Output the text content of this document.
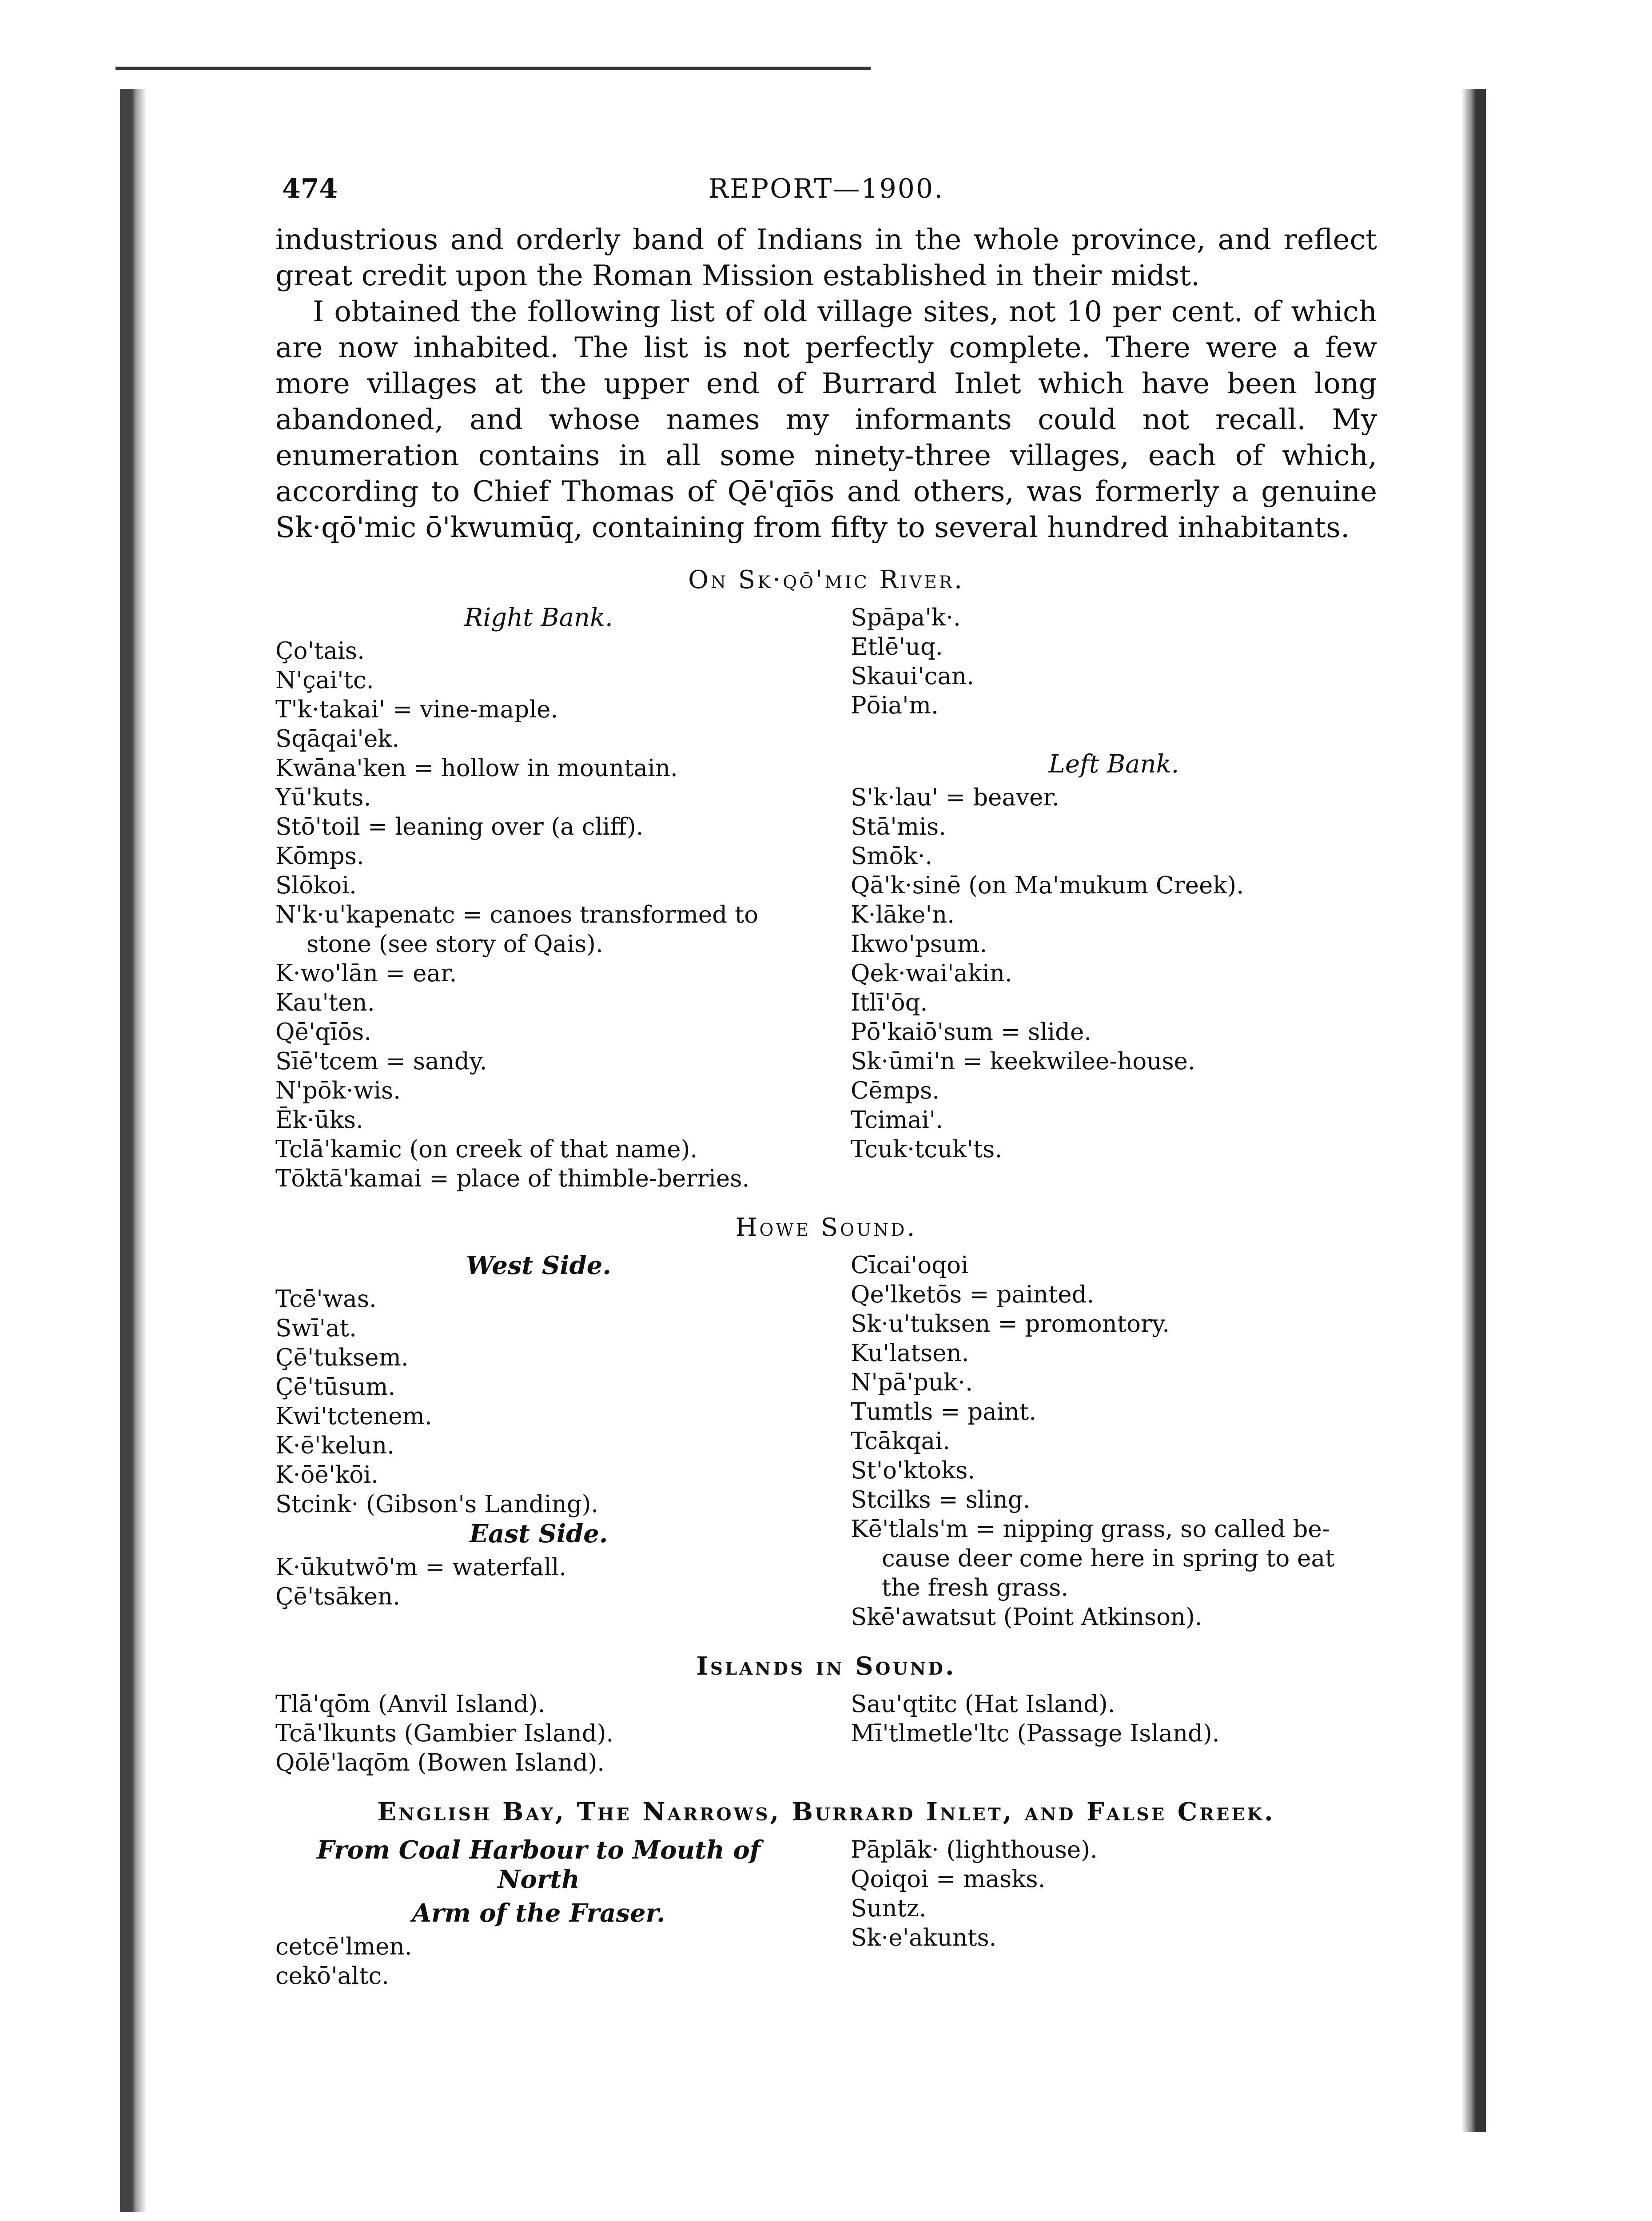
REPORT—1900.
474

industrious and orderly band of Indians in the whole province, and reflect great credit upon the Roman Mission established in their midst.

I obtained the following list of old village sites, not 10 per cent. of which are now inhabited. The list is not perfectly complete. There were a few more villages at the upper end of Burrard Inlet which have been long abandoned, and whose names my informants could not recall. My enumeration contains in all some ninety-three villages, each of which, according to Chief Thomas of Qē'qīōs and others, was formerly a genuine Sk·qō'mic ō'kwumūq, containing from fifty to several hundred inhabitants.

On Sk·qō'mic River.
Right Bank.
Ço'tais.
N'çai'tc.
T'k·takai' = vine-maple.
Sqāqai'ek.
Kwāna'ken = hollow in mountain.
Yū'kuts.
Stō'toil = leaning over (a cliff).
Kōmps.
Slōkoi.
N'k·u'kapenatc = canoes transformed to
stone (see story of Qais).
K·wo'lān = ear.
Kau'ten.
Qē'qīōs.
Sīē'tcem = sandy.
N'pōk·wis.
Ēk·ūks.
Tclā'kamic (on creek of that name).
Tōktā'kamai = place of thimble-berries.
Spāpa'k·.
Etlē'uq.
Skaui'can.
Pōia'm.
Left Bank.
S'k·lau' = beaver.
Stā'mis.
Smōk·.
Qā'k·sinē (on Ma'mukum Creek).
K·lāke'n.
Ikwo'psum.
Qek·wai'akin.
Itlī'ōq.
Pō'kaiō'sum = slide.
Sk·ūmi'n = keekwilee-house.
Cēmps.
Tcimai'.
Tcuk·tcuk'ts.
Howe Sound.
West Side.
Tcē'was.
Swī'at.
Çē'tuksem.
Çē'tūsum.
Kwi'tctenem.
K·ē'kelun.
K·ōē'kōi.
Stcink· (Gibson's Landing).
East Side.
K·ūkutwō'm = waterfall.
Çē'tsāken.
Cīcai'oqoi
Qe'lketōs = painted.
Sk·u'tuksen = promontory.
Ku'latsen.
N'pā'puk·.
Tumtls = paint.
Tcākqai.
St'o'ktoks.
Stcilks = sling.
Kē'tlals'm = nipping grass, so called be-
cause deer come here in spring to eat
the fresh grass.
Skē'awatsut (Point Atkinson).
Islands in Sound.
Tlā'qōm (Anvil Island).
Tcā'lkunts (Gambier Island).
Qōlē'laqōm (Bowen Island).
Sau'qtitc (Hat Island).
Mī'tlmetle'ltc (Passage Island).
English Bay, The Narrows, Burrard Inlet, and False Creek.
From Coal Harbour to Mouth of North
Arm of the Fraser.
cetcē'lmen.
cekō'altc.
Pāplāk· (lighthouse).
Qoiqoi = masks.
Suntz.
Sk·e'akunts.
